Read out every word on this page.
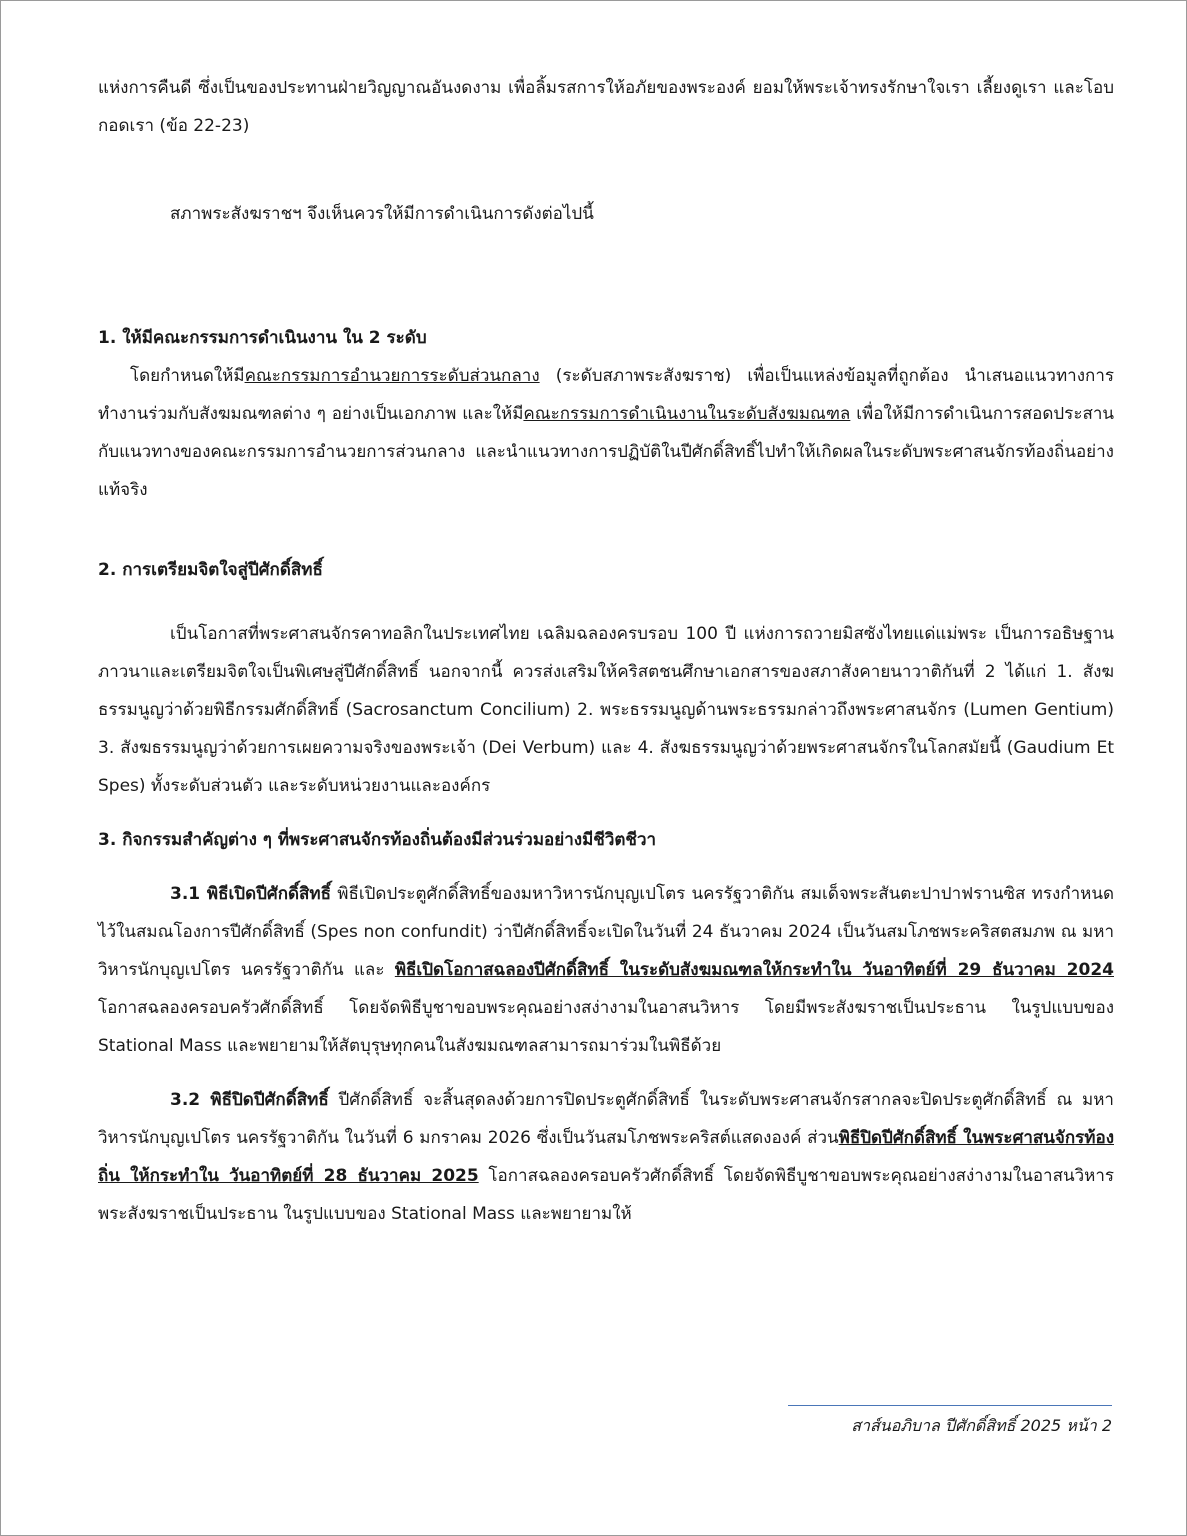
แห่งการคืนดี ซึ่งเป็นของประทานฝ่ายวิญญาณอันงดงาม เพื่อลิ้มรสการให้อภัยของพระองค์ ยอมให้พระเจ้าทรงรักษาใจเรา เลี้ยงดูเรา และโอบกอดเรา (ข้อ 22-23)

สภาพระสังฆราชฯ จึงเห็นควรให้มีการดำเนินการดังต่อไปนี้

1. ให้มีคณะกรรมการดำเนินงาน ใน 2 ระดับ

โดยกำหนดให้มีคณะกรรมการอำนวยการระดับส่วนกลาง (ระดับสภาพระสังฆราช) เพื่อเป็นแหล่งข้อมูลที่ถูกต้อง นำเสนอแนวทางการทำงานร่วมกับสังฆมณฑลต่าง ๆ อย่างเป็นเอกภาพ และให้มีคณะกรรมการดำเนินงานในระดับสังฆมณฑล เพื่อให้มีการดำเนินการสอดประสานกับแนวทางของคณะกรรมการอำนวยการส่วนกลาง และนำแนวทางการปฏิบัติในปีศักดิ์สิทธิ์ไปทำให้เกิดผลในระดับพระศาสนจักรท้องถิ่นอย่างแท้จริง

2. การเตรียมจิตใจสู่ปีศักดิ์สิทธิ์

เป็นโอกาสที่พระศาสนจักรคาทอลิกในประเทศไทย เฉลิมฉลองครบรอบ 100 ปี แห่งการถวายมิสซังไทยแด่แม่พระ เป็นการอธิษฐานภาวนาและเตรียมจิตใจเป็นพิเศษสู่ปีศักดิ์สิทธิ์ นอกจากนี้ ควรส่งเสริมให้คริสตชนศึกษาเอกสารของสภาสังคายนาวาติกันที่ 2 ได้แก่ 1. สังฆธรรมนูญว่าด้วยพิธีกรรมศักดิ์สิทธิ์ (Sacrosanctum Concilium) 2. พระธรรมนูญด้านพระธรรมกล่าวถึงพระศาสนจักร (Lumen Gentium) 3. สังฆธรรมนูญว่าด้วยการเผยความจริงของพระเจ้า (Dei Verbum) และ 4. สังฆธรรมนูญว่าด้วยพระศาสนจักรในโลกสมัยนี้ (Gaudium Et Spes) ทั้งระดับส่วนตัว และระดับหน่วยงานและองค์กร

3. กิจกรรมสำคัญต่าง ๆ ที่พระศาสนจักรท้องถิ่นต้องมีส่วนร่วมอย่างมีชีวิตชีวา

3.1 พิธีเปิดปีศักดิ์สิทธิ์ พิธีเปิดประตูศักดิ์สิทธิ์ของมหาวิหารนักบุญเปโตร นครรัฐวาติกัน สมเด็จพระสันตะปาปาฟรานซิส ทรงกำหนดไว้ในสมณโองการปีศักดิ์สิทธิ์ (Spes non confundit) ว่าปีศักดิ์สิทธิ์จะเปิดในวันที่ 24 ธันวาคม 2024 เป็นวันสมโภชพระคริสตสมภพ ณ มหาวิหารนักบุญเปโตร นครรัฐวาติกัน และ พิธีเปิดโอกาสฉลองปีศักดิ์สิทธิ์ ในระดับสังฆมณฑลให้กระทำใน วันอาทิตย์ที่ 29 ธันวาคม 2024 โอกาสฉลองครอบครัวศักดิ์สิทธิ์ โดยจัดพิธีบูชาขอบพระคุณอย่างสง่างามในอาสนวิหาร โดยมีพระสังฆราชเป็นประธาน ในรูปแบบของ Stational Mass และพยายามให้สัตบุรุษทุกคนในสังฆมณฑลสามารถมาร่วมในพิธีด้วย

3.2 พิธีปิดปีศักดิ์สิทธิ์ ปีศักดิ์สิทธิ์ จะสิ้นสุดลงด้วยการปิดประตูศักดิ์สิทธิ์ ในระดับพระศาสนจักรสากลจะปิดประตูศักดิ์สิทธิ์ ณ มหาวิหารนักบุญเปโตร นครรัฐวาติกัน ในวันที่ 6 มกราคม 2026 ซึ่งเป็นวันสมโภชพระคริสต์แสดงองค์ ส่วนพิธีปิดปีศักดิ์สิทธิ์ ในพระศาสนจักรท้องถิ่น ให้กระทำใน วันอาทิตย์ที่ 28 ธันวาคม 2025 โอกาสฉลองครอบครัวศักดิ์สิทธิ์ โดยจัดพิธีบูชาขอบพระคุณอย่างสง่างามในอาสนวิหาร พระสังฆราชเป็นประธาน ในรูปแบบของ Stational Mass และพยายามให้

สาส์นอภิบาล ปีศักดิ์สิทธิ์ 2025 หน้า 2
